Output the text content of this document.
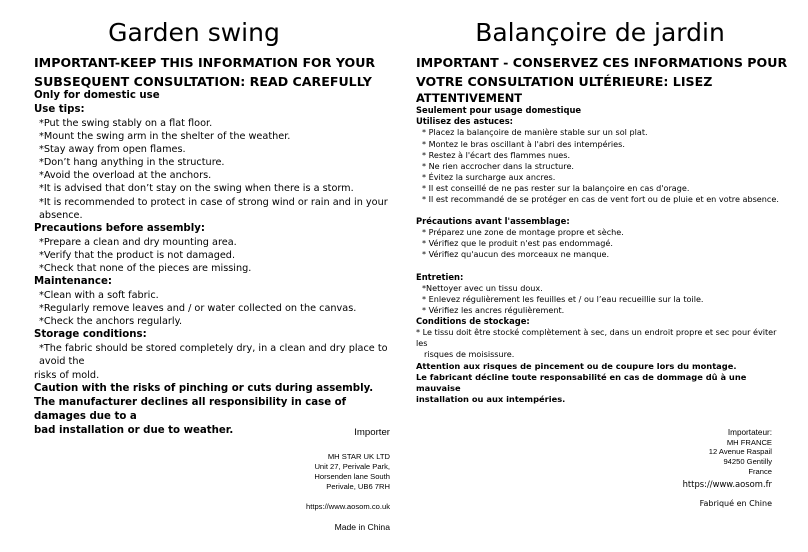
Garden swing
IMPORTANT-KEEP THIS INFORMATION FOR YOUR
SUBSEQUENT CONSULTATION: READ CAREFULLY
Only for domestic use
Use tips:
*Put the swing stably on a flat floor.
*Mount the swing arm in the shelter of the weather.
*Stay away from open flames.
*Don’t hang anything in the structure.
*Avoid the overload at the anchors.
*It is advised that don’t stay on the swing when there is a storm.
*It is recommended to protect in case of strong wind or rain and in your absence.
Precautions before assembly:
*Prepare a clean and dry mounting area.
*Verify that the product is not damaged.
*Check that none of the pieces are missing.
Maintenance:
*Clean with a soft fabric.
*Regularly remove leaves and / or water collected on the canvas.
*Check the anchors regularly.
Storage conditions:
*The fabric should be stored completely dry, in a clean and dry place to avoid the
risks of mold.
Caution with the risks of pinching or cuts during assembly.
The manufacturer declines all responsibility in case of damages due to a
bad installation or due to weather.	Importer
MH STAR UK LTD
Unit 27, Perivale Park,
Horsenden lane South
Perivale, UB6 7RH
https://www.aosom.co.uk
Made in China
Balançoire de jardin
IMPORTANT - CONSERVEZ CES INFORMATIONS POUR
VOTRE CONSULTATION ULTÉRIEURE: LISEZ
ATTENTIVEMENT
Seulement pour usage domestique
Utilisez des astuces:
* Placez la balançoire de manière stable sur un sol plat.
* Montez le bras oscillant à l'abri des intempéries.
* Restez à l'écart des flammes nues.
* Ne rien accrocher dans la structure.
* Évitez la surcharge aux ancres.
* Il est conseillé de ne pas rester sur la balançoire en cas d'orage.
* Il est recommandé de se protéger en cas de vent fort ou de pluie et en votre absence.
Précautions avant l'assemblage:
* Préparez une zone de montage propre et sèche.
* Vérifiez que le produit n'est pas endommagé.
* Vérifiez qu'aucun des morceaux ne manque.
Entretien:
*Nettoyer avec un tissu doux.
* Enlevez régulièrement les feuilles et / ou l’eau recueillie sur la toile.
* Vérifiez les ancres régulièrement.
Conditions de stockage:
* Le tissu doit être stocké complètement à sec, dans un endroit propre et sec pour éviter les
risques de moisissure.
Attention aux risques de pincement ou de coupure lors du montage.
Le fabricant décline toute responsabilité en cas de dommage dû à une mauvaise
installation ou aux intempéries.
Importateur:
MH FRANCE
12 Avenue Raspail
94250 Gentilly
France
https://www.aosom.fr
Fabriqué en Chine
